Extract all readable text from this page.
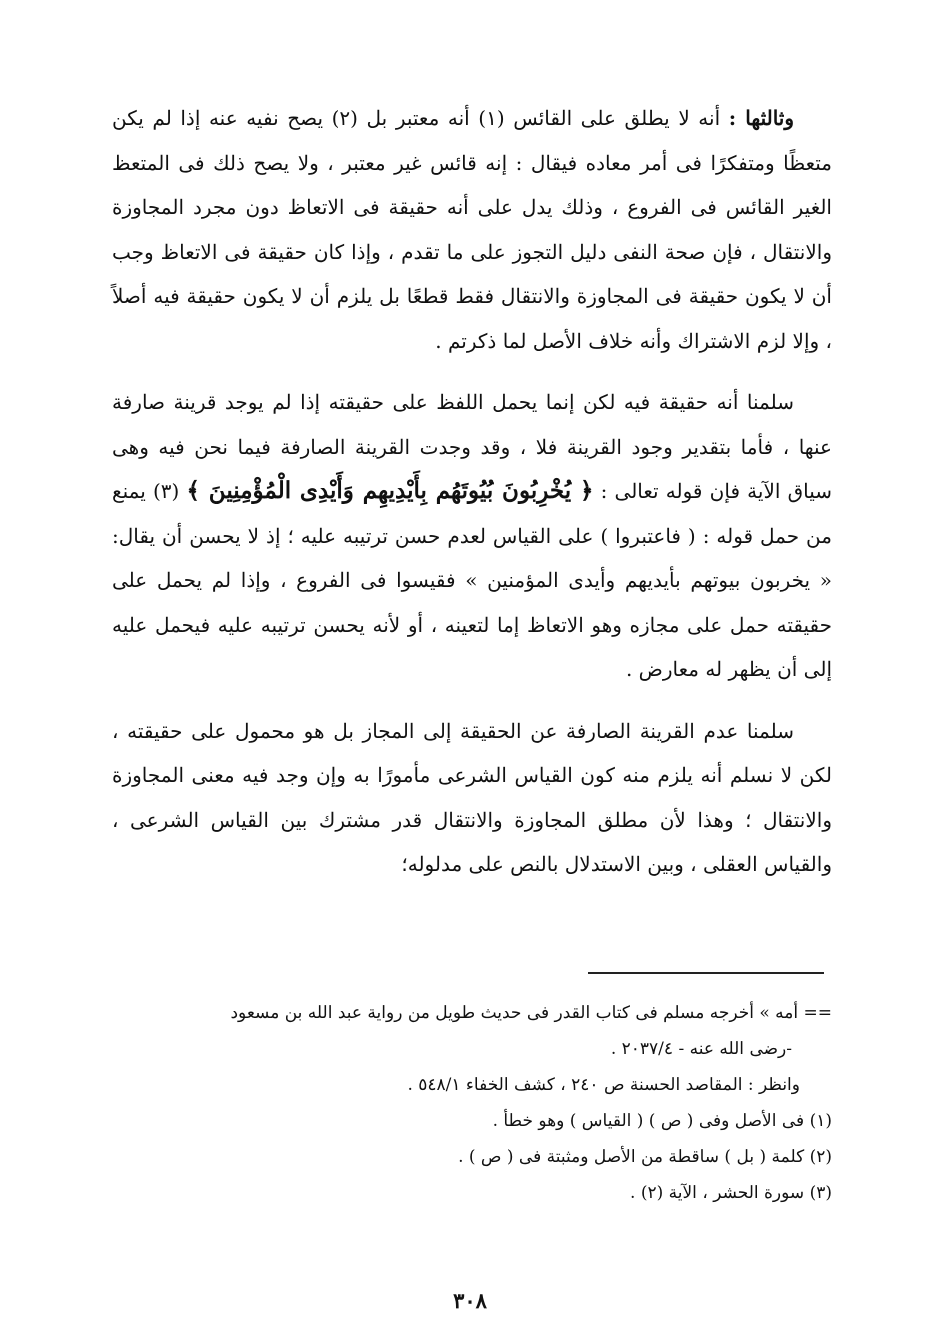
وثالثها : أنه لا يطلق على القائس (١) أنه معتبر بل (٢) يصح نفيه عنه إذا لم يكن متعظًا ومتفكرًا فى أمر معاده فيقال : إنه قائس غير معتبر ، ولا يصح ذلك فى المتعظ الغير القائس فى الفروع ، وذلك يدل على أنه حقيقة فى الاتعاظ دون مجرد المجاوزة والانتقال ، فإن صحة النفى دليل التجوز على ما تقدم ، وإذا كان حقيقة فى الاتعاظ وجب أن لا يكون حقيقة فى المجاوزة والانتقال فقط قطعًا بل يلزم أن لا يكون حقيقة فيه أصلاً ، وإلا لزم الاشتراك وأنه خلاف الأصل لما ذكرتم .

سلمنا أنه حقيقة فيه لكن إنما يحمل اللفظ على حقيقته إذا لم يوجد قرينة صارفة عنها ، فأما بتقدير وجود القرينة فلا ، وقد وجدت القرينة الصارفة فيما نحن فيه وهى سياق الآية فإن قوله تعالى : ﴿ يُخْرِبُونَ بُيُوتَهُم بِأَيْدِيهِم وَأَيْدِى الْمُؤْمِنِينَ ﴾ (٣) يمنع من حمل قوله : ( فاعتبروا ) على القياس لعدم حسن ترتيبه عليه ؛ إذ لا يحسن أن يقال: « يخربون بيوتهم بأيديهم وأيدى المؤمنين » فقيسوا فى الفروع ، وإذا لم يحمل على حقيقته حمل على مجازه وهو الاتعاظ إما لتعينه ، أو لأنه يحسن ترتيبه عليه فيحمل عليه إلى أن يظهر له معارض .

سلمنا عدم القرينة الصارفة عن الحقيقة إلى المجاز بل هو محمول على حقيقته ، لكن لا نسلم أنه يلزم منه كون القياس الشرعى مأمورًا به وإن وجد فيه معنى المجاوزة والانتقال ؛ وهذا لأن مطلق المجاوزة والانتقال قدر مشترك بين القياس الشرعى ، والقياس العقلى ، وبين الاستدلال بالنص على مدلوله؛

== أمه » أخرجه مسلم فى كتاب القدر فى حديث طويل من رواية عبد الله بن مسعود

-رضى الله عنه - ٢٠٣٧/٤ .

وانظر : المقاصد الحسنة ص ٢٤٠ ، كشف الخفاء ٥٤٨/١ .

(١) فى الأصل وفى ( ص ) ( القياس ) وهو خطأ .

(٢) كلمة ( بل ) ساقطة من الأصل ومثبتة فى ( ص ) .

(٣) سورة الحشر ، الآية (٢) .

٣٠٨
